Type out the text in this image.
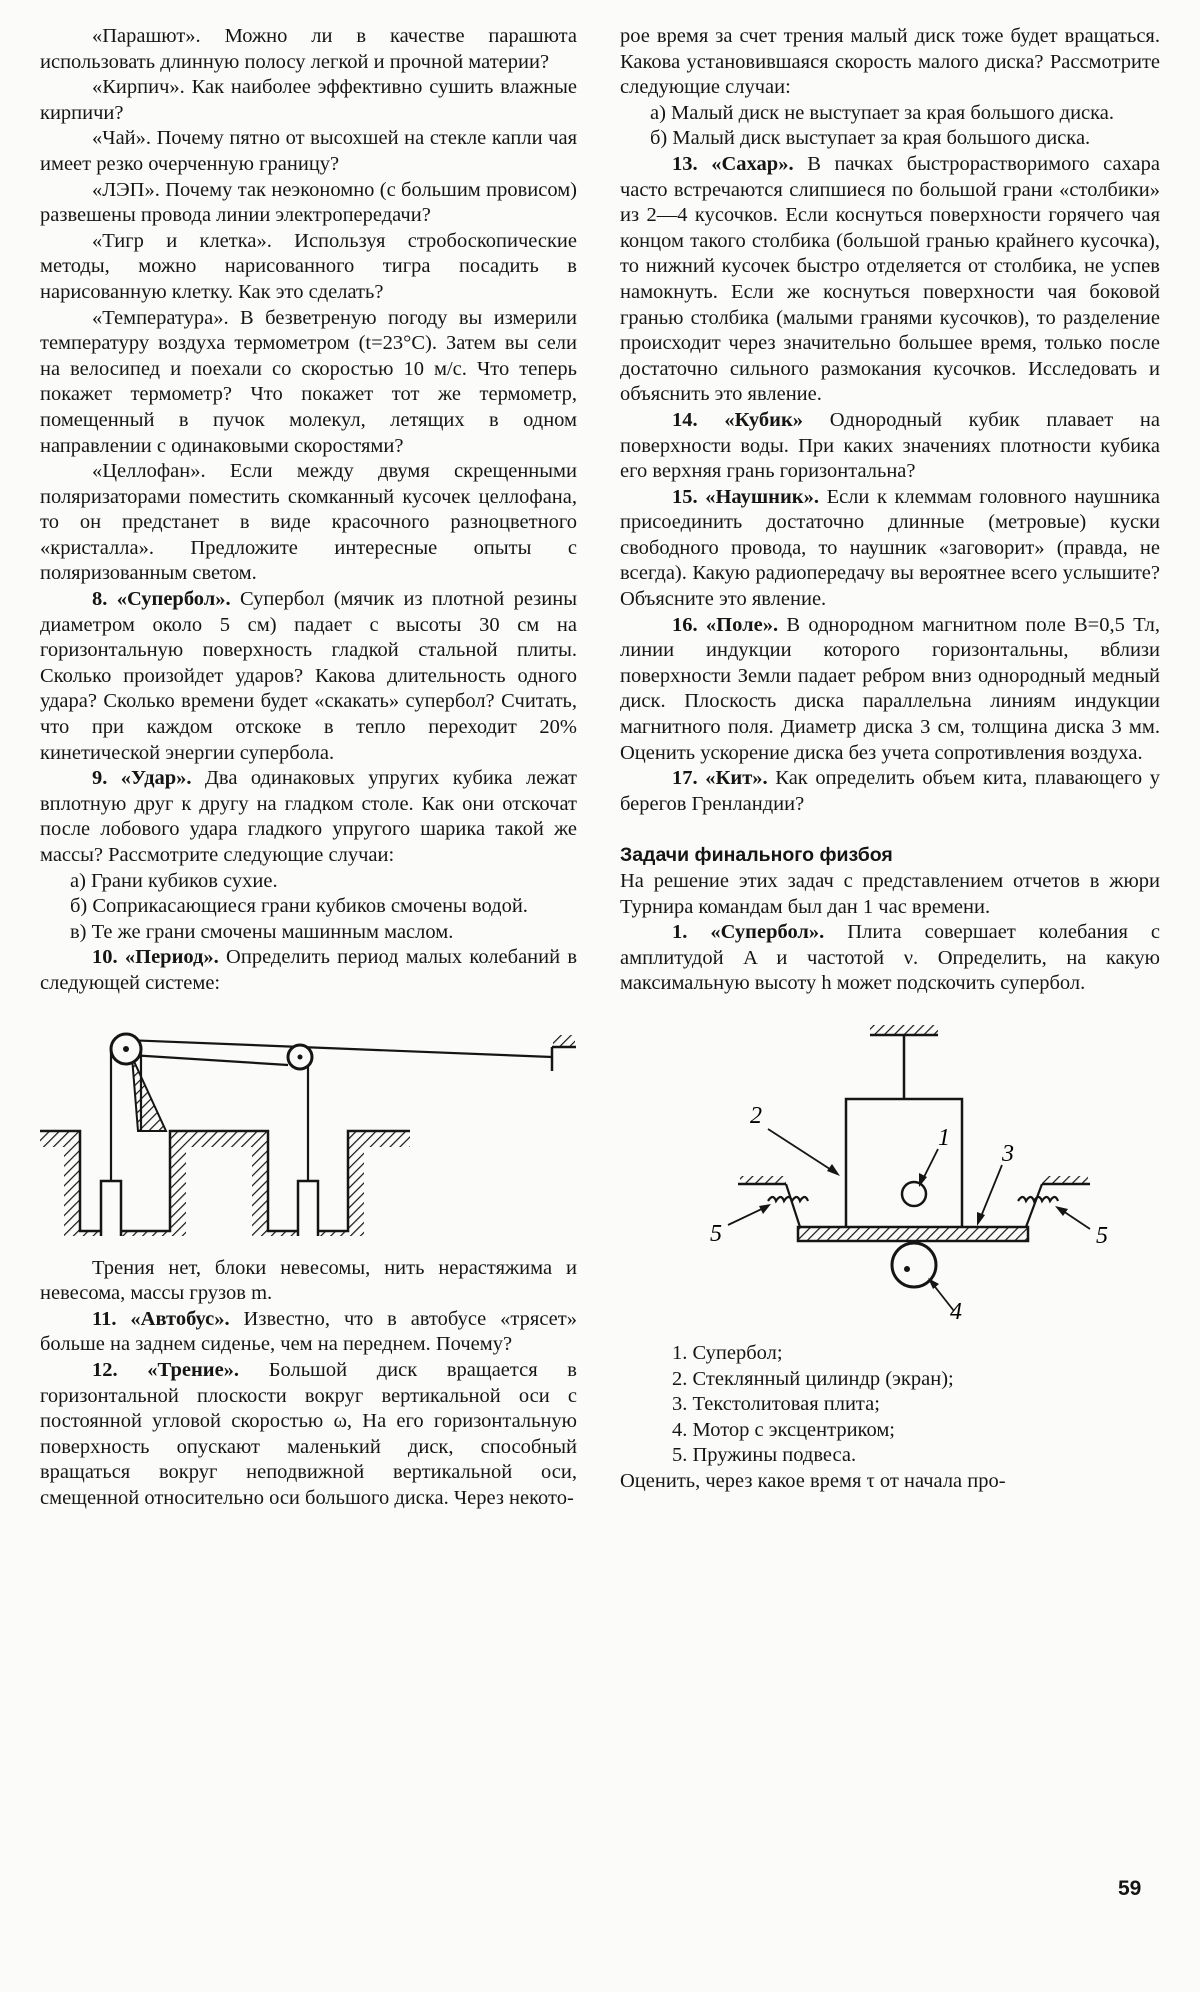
«Парашют». Можно ли в качестве парашюта использовать длинную полосу легкой и прочной материи?

«Кирпич». Как наиболее эффективно сушить влажные кирпичи?

«Чай». Почему пятно от высохшей на стекле капли чая имеет резко очерченную границу?

«ЛЭП». Почему так неэкономно (с большим провисом) развешены провода линии электропередачи?

«Тигр и клетка». Используя стробоскопические методы, можно нарисованного тигра посадить в нарисованную клетку. Как это сделать?

«Температура». В безветреную погоду вы измерили температуру воздуха термометром (t=23°C). Затем вы сели на велосипед и поехали со скоростью 10 м/с. Что теперь покажет термометр? Что покажет тот же термометр, помещенный в пучок молекул, летящих в одном направлении с одинаковыми скоростями?

«Целлофан». Если между двумя скрещенными поляризаторами поместить скомканный кусочек целлофана, то он предстанет в виде красочного разноцветного «кристалла». Предложите интересные опыты с поляризованным светом.

8. «Супербол». Супербол (мячик из плотной резины диаметром около 5 см) падает с высоты 30 см на горизонтальную поверхность гладкой стальной плиты. Сколько произойдет ударов? Какова длительность одного удара? Сколько времени будет «скакать» супербол? Считать, что при каждом отскоке в тепло переходит 20% кинетической энергии супербола.

9. «Удар». Два одинаковых упругих кубика лежат вплотную друг к другу на гладком столе. Как они отскочат после лобового удара гладкого упругого шарика такой же массы? Рассмотрите следующие случаи:

а) Грани кубиков сухие.

б) Соприкасающиеся грани кубиков смочены водой.

в) Те же грани смочены машинным маслом.

10. «Период». Определить период малых колебаний в следующей системе:

Трения нет, блоки невесомы, нить нерастяжима и невесома, массы грузов m.

11. «Автобус». Известно, что в автобусе «трясет» больше на заднем сиденье, чем на переднем. Почему?

12. «Трение». Большой диск вращается в горизонтальной плоскости вокруг вертикальной оси с постоянной угловой скоростью ω, На его горизонтальную поверхность опускают маленький диск, способный вращаться вокруг неподвижной вертикальной оси, смещенной относительно оси большого диска. Через некото-

рое время за счет трения малый диск тоже будет вращаться. Какова установившаяся скорость малого диска? Рассмотрите следующие случаи:

а) Малый диск не выступает за края большого диска.

б) Малый диск выступает за края большого диска.

13. «Сахар». В пачках быстрорастворимого сахара часто встречаются слипшиеся по большой грани «столбики» из 2—4 кусочков. Если коснуться поверхности горячего чая концом такого столбика (большой гранью крайнего кусочка), то нижний кусочек быстро отделяется от столбика, не успев намокнуть. Если же коснуться поверхности чая боковой гранью столбика (малыми гранями кусочков), то разделение происходит через значительно большее время, только после достаточно сильного размокания кусочков. Исследовать и объяснить это явление.

14. «Кубик» Однородный кубик плавает на поверхности воды. При каких значениях плотности кубика его верхняя грань горизонтальна?

15. «Наушник». Если к клеммам головного наушника присоединить достаточно длинные (метровые) куски свободного провода, то наушник «заговорит» (правда, не всегда). Какую радиопередачу вы вероятнее всего услышите? Объясните это явление.

16. «Поле». В однородном магнитном поле B=0,5 Тл, линии индукции которого горизонтальны, вблизи поверхности Земли падает ребром вниз однородный медный диск. Плоскость диска параллельна линиям индукции магнитного поля. Диаметр диска 3 см, толщина диска 3 мм. Оценить ускорение диска без учета сопротивления воздуха.

17. «Кит». Как определить объем кита, плавающего у берегов Гренландии?

Задачи финального физбоя

На решение этих задач с представлением отчетов в жюри Турнира командам был дан 1 час времени.

1. «Супербол». Плита совершает колебания с амплитудой A и частотой ν. Определить, на какую максимальную высоту h может подскочить супербол.

2
1
3
4
5	5

1. Супербол;

2. Стеклянный цилиндр (экран);

3. Текстолитовая плита;

4. Мотор с эксцентриком;

5. Пружины подвеса.

Оценить, через какое время τ от начала про-

59
